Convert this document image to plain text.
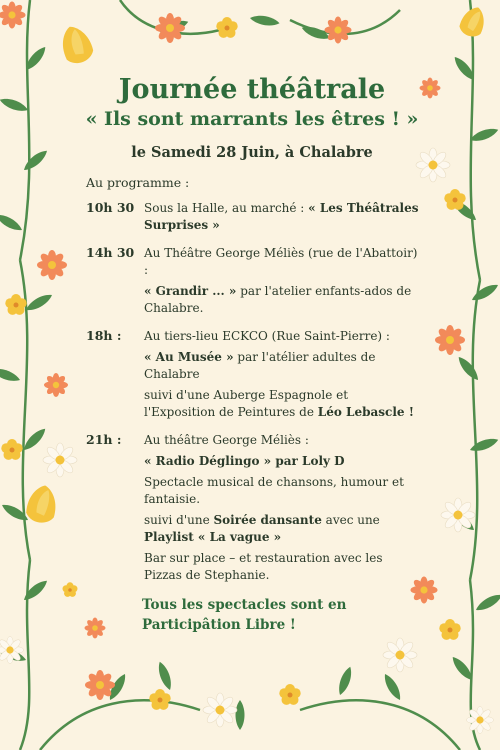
Journée théâtrale
« Ils sont marrants les êtres ! »
le Samedi 28 Juin, à Chalabre
Au programme :
10h 30 Sous la Halle, au marché : « Les Théâtrales Surprises »

14h 30 Au Théâtre George Méliès (rue de l'Abattoir) :

« Grandir ... » par l'atelier enfants-ados de Chalabre.

18h :	Au tiers-lieu ECKCO (Rue Saint-Pierre) :

« Au Musée » par l'atélier adultes de Chalabre

suivi d'une Auberge Espagnole et l'Exposition de Peintures de Léo Lebascle !

21h :	Au théâtre George Méliès :

« Radio Déglingo » par Loly D

Spectacle musical de chansons, humour et fantaisie.

suivi d'une Soirée dansante avec une Playlist « La vague »

Bar sur place – et restauration avec les Pizzas de Stephanie.

Tous les spectacles sont en
Participâtion Libre !
